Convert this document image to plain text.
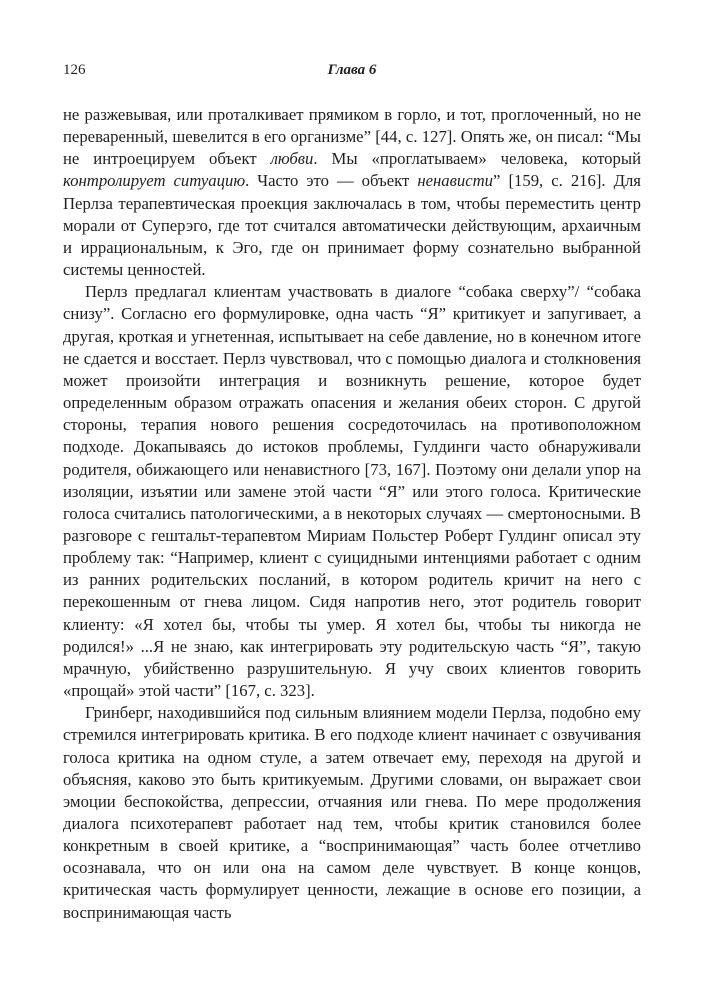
126	Глава 6

не разжевывая, или проталкивает прямиком в горло, и тот, проглоченный, но не переваренный, шевелится в его организме” [44, с. 127]. Опять же, он писал: “Мы не интроецируем объект любви. Мы «проглатываем» человека, который контролирует ситуацию. Часто это — объект ненависти” [159, с. 216]. Для Перлза терапевтическая проекция заключалась в том, чтобы переместить центр морали от Суперэго, где тот считался автоматически действующим, архаичным и иррациональным, к Эго, где он принимает форму сознательно выбранной системы ценностей.

Перлз предлагал клиентам участвовать в диалоге “собака сверху”/ “собака снизу”. Согласно его формулировке, одна часть “Я” критикует и запугивает, а другая, кроткая и угнетенная, испытывает на себе давление, но в конечном итоге не сдается и восстает. Перлз чувствовал, что с помощью диалога и столкновения может произойти интеграция и возникнуть решение, которое будет определенным образом отражать опасения и желания обеих сторон. С другой стороны, терапия нового решения сосредоточилась на противоположном подходе. Докапываясь до истоков проблемы, Гулдинги часто обнаруживали родителя, обижающего или ненавистного [73, 167]. Поэтому они делали упор на изоляции, изъятии или замене этой части “Я” или этого голоса. Критические голоса считались патологическими, а в некоторых случаях — смертоносными. В разговоре с гештальт-терапевтом Мириам Польстер Роберт Гулдинг описал эту проблему так: “Например, клиент с суицидными интенциями работает с одним из ранних родительских посланий, в котором родитель кричит на него с перекошенным от гнева лицом. Сидя напротив него, этот родитель говорит клиенту: «Я хотел бы, чтобы ты умер. Я хотел бы, чтобы ты никогда не родился!» ...Я не знаю, как интегрировать эту родительскую часть “Я”, такую мрачную, убийственно разрушительную. Я учу своих клиентов говорить «прощай» этой части” [167, с. 323].

Гринберг, находившийся под сильным влиянием модели Перлза, подобно ему стремился интегрировать критика. В его подходе клиент начинает с озвучивания голоса критика на одном стуле, а затем отвечает ему, переходя на другой и объясняя, каково это быть критикуемым. Другими словами, он выражает свои эмоции беспокойства, депрессии, отчаяния или гнева. По мере продолжения диалога психотерапевт работает над тем, чтобы критик становился более конкретным в своей критике, а “воспринимающая” часть более отчетливо осознавала, что он или она на самом деле чувствует. В конце концов, критическая часть формулирует ценности, лежащие в основе его позиции, а воспринимающая часть
